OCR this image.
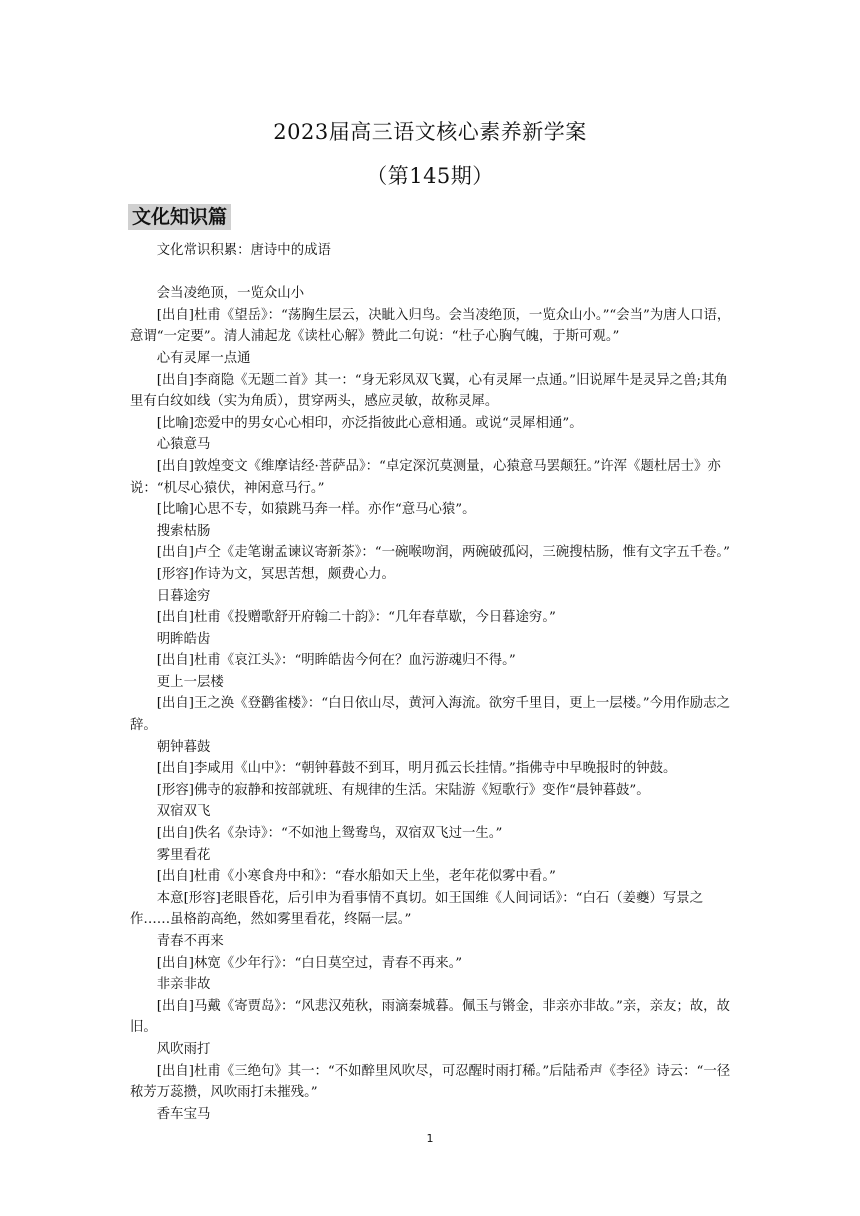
2023届高三语文核心素养新学案
（第145期）
文化知识篇

文化常识积累：唐诗中的成语

会当凌绝顶，一览众山小

[出自]杜甫《望岳》：“荡胸生层云，决眦入归鸟。会当凌绝顶，一览众山小。”“会当”为唐人口语，意谓“一定要”。清人浦起龙《读杜心解》赞此二句说：“杜子心胸气魄，于斯可观。”

心有灵犀一点通

[出自]李商隐《无题二首》其一：“身无彩凤双飞翼，心有灵犀一点通。”旧说犀牛是灵异之兽;其角里有白纹如线（实为角质），贯穿两头，感应灵敏，故称灵犀。

[比喻]恋爱中的男女心心相印，亦泛指彼此心意相通。或说“灵犀相通”。

心猿意马

[出自]敦煌变文《维摩诘经·菩萨品》：“卓定深沉莫测量，心猿意马罢颠狂。”许浑《题杜居士》亦说：“机尽心猿伏，神闲意马行。”

[比喻]心思不专，如猿跳马奔一样。亦作“意马心猿”。

搜索枯肠

[出自]卢仝《走笔谢孟谏议寄新茶》：“一碗喉吻润，两碗破孤闷，三碗搜枯肠，惟有文字五千卷。”

[形容]作诗为文，冥思苦想，颇费心力。

日暮途穷

[出自]杜甫《投赠歌舒开府翰二十韵》：“几年春草歇，今日暮途穷。”

明眸皓齿

[出自]杜甫《哀江头》：“明眸皓齿今何在？血污游魂归不得。”

更上一层楼

[出自]王之涣《登鹳雀楼》：“白日依山尽，黄河入海流。欲穷千里目，更上一层楼。”今用作励志之辞。

朝钟暮鼓

[出自]李咸用《山中》：“朝钟暮鼓不到耳，明月孤云长挂情。”指佛寺中早晚报时的钟鼓。

[形容]佛寺的寂静和按部就班、有规律的生活。宋陆游《短歌行》变作“晨钟暮鼓”。

双宿双飞

[出自]佚名《杂诗》：“不如池上鸳鸯鸟，双宿双飞过一生。”

雾里看花

[出自]杜甫《小寒食舟中和》：“春水船如天上坐，老年花似雾中看。”

本意[形容]老眼昏花，后引申为看事情不真切。如王国维《人间词话》：“白石（姜夔）写景之作……虽格韵高绝，然如雾里看花，终隔一层。”

青春不再来

[出自]林宽《少年行》：“白日莫空过，青春不再来。”

非亲非故

[出自]马戴《寄贾岛》：“风悲汉苑秋，雨滴秦城暮。佩玉与锵金，非亲亦非故。”亲，亲友；故，故旧。

风吹雨打

[出自]杜甫《三绝句》其一：“不如醉里风吹尽，可忍醒时雨打稀。”后陆希声《李径》诗云：“一径秾芳万蕊攒，风吹雨打未摧残。”

香车宝马

1
